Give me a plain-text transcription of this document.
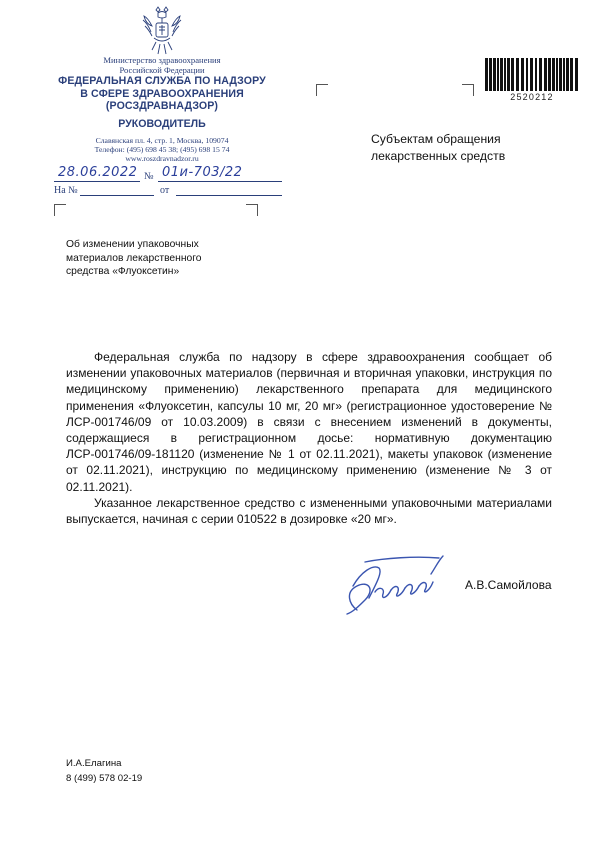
Министерство здравоохранения
Российской Федерации
ФЕДЕРАЛЬНАЯ СЛУЖБА ПО НАДЗОРУ
В СФЕРЕ ЗДРАВООХРАНЕНИЯ
(РОСЗДРАВНАДЗОР)
РУКОВОДИТЕЛЬ
Славянская пл. 4, стр. 1, Москва, 109074
Телефон: (495) 698 45 38; (495) 698 15 74
www.roszdravnadzor.ru
28.06.2022 № 01и-703/22
На №	от
2520212
Субъектам обращения
лекарственных средств
Об изменении упаковочных
материалов лекарственного
средства «Флуоксетин»

Федеральная служба по надзору в сфере здравоохранения сообщает об изменении упаковочных материалов (первичная и вторичная упаковки, инструкция по медицинскому применению) лекарственного препарата для медицинского применения «Флуоксетин, капсулы 10 мг, 20 мг» (регистрационное удостоверение № ЛСР-001746/09 от 10.03.2009) в связи с внесением изменений в документы, содержащиеся в регистрационном досье: нормативную документацию ЛСР-001746/09-181120 (изменение № 1 от 02.11.2021), макеты упаковок (изменение от 02.11.2021), инструкцию по медицинскому применению (изменение № 3 от 02.11.2021).

Указанное лекарственное средство с измененными упаковочными материалами выпускается, начиная с серии 010522 в дозировке «20 мг».

А.В.Самойлова
И.А.Елагина
8 (499) 578 02-19
